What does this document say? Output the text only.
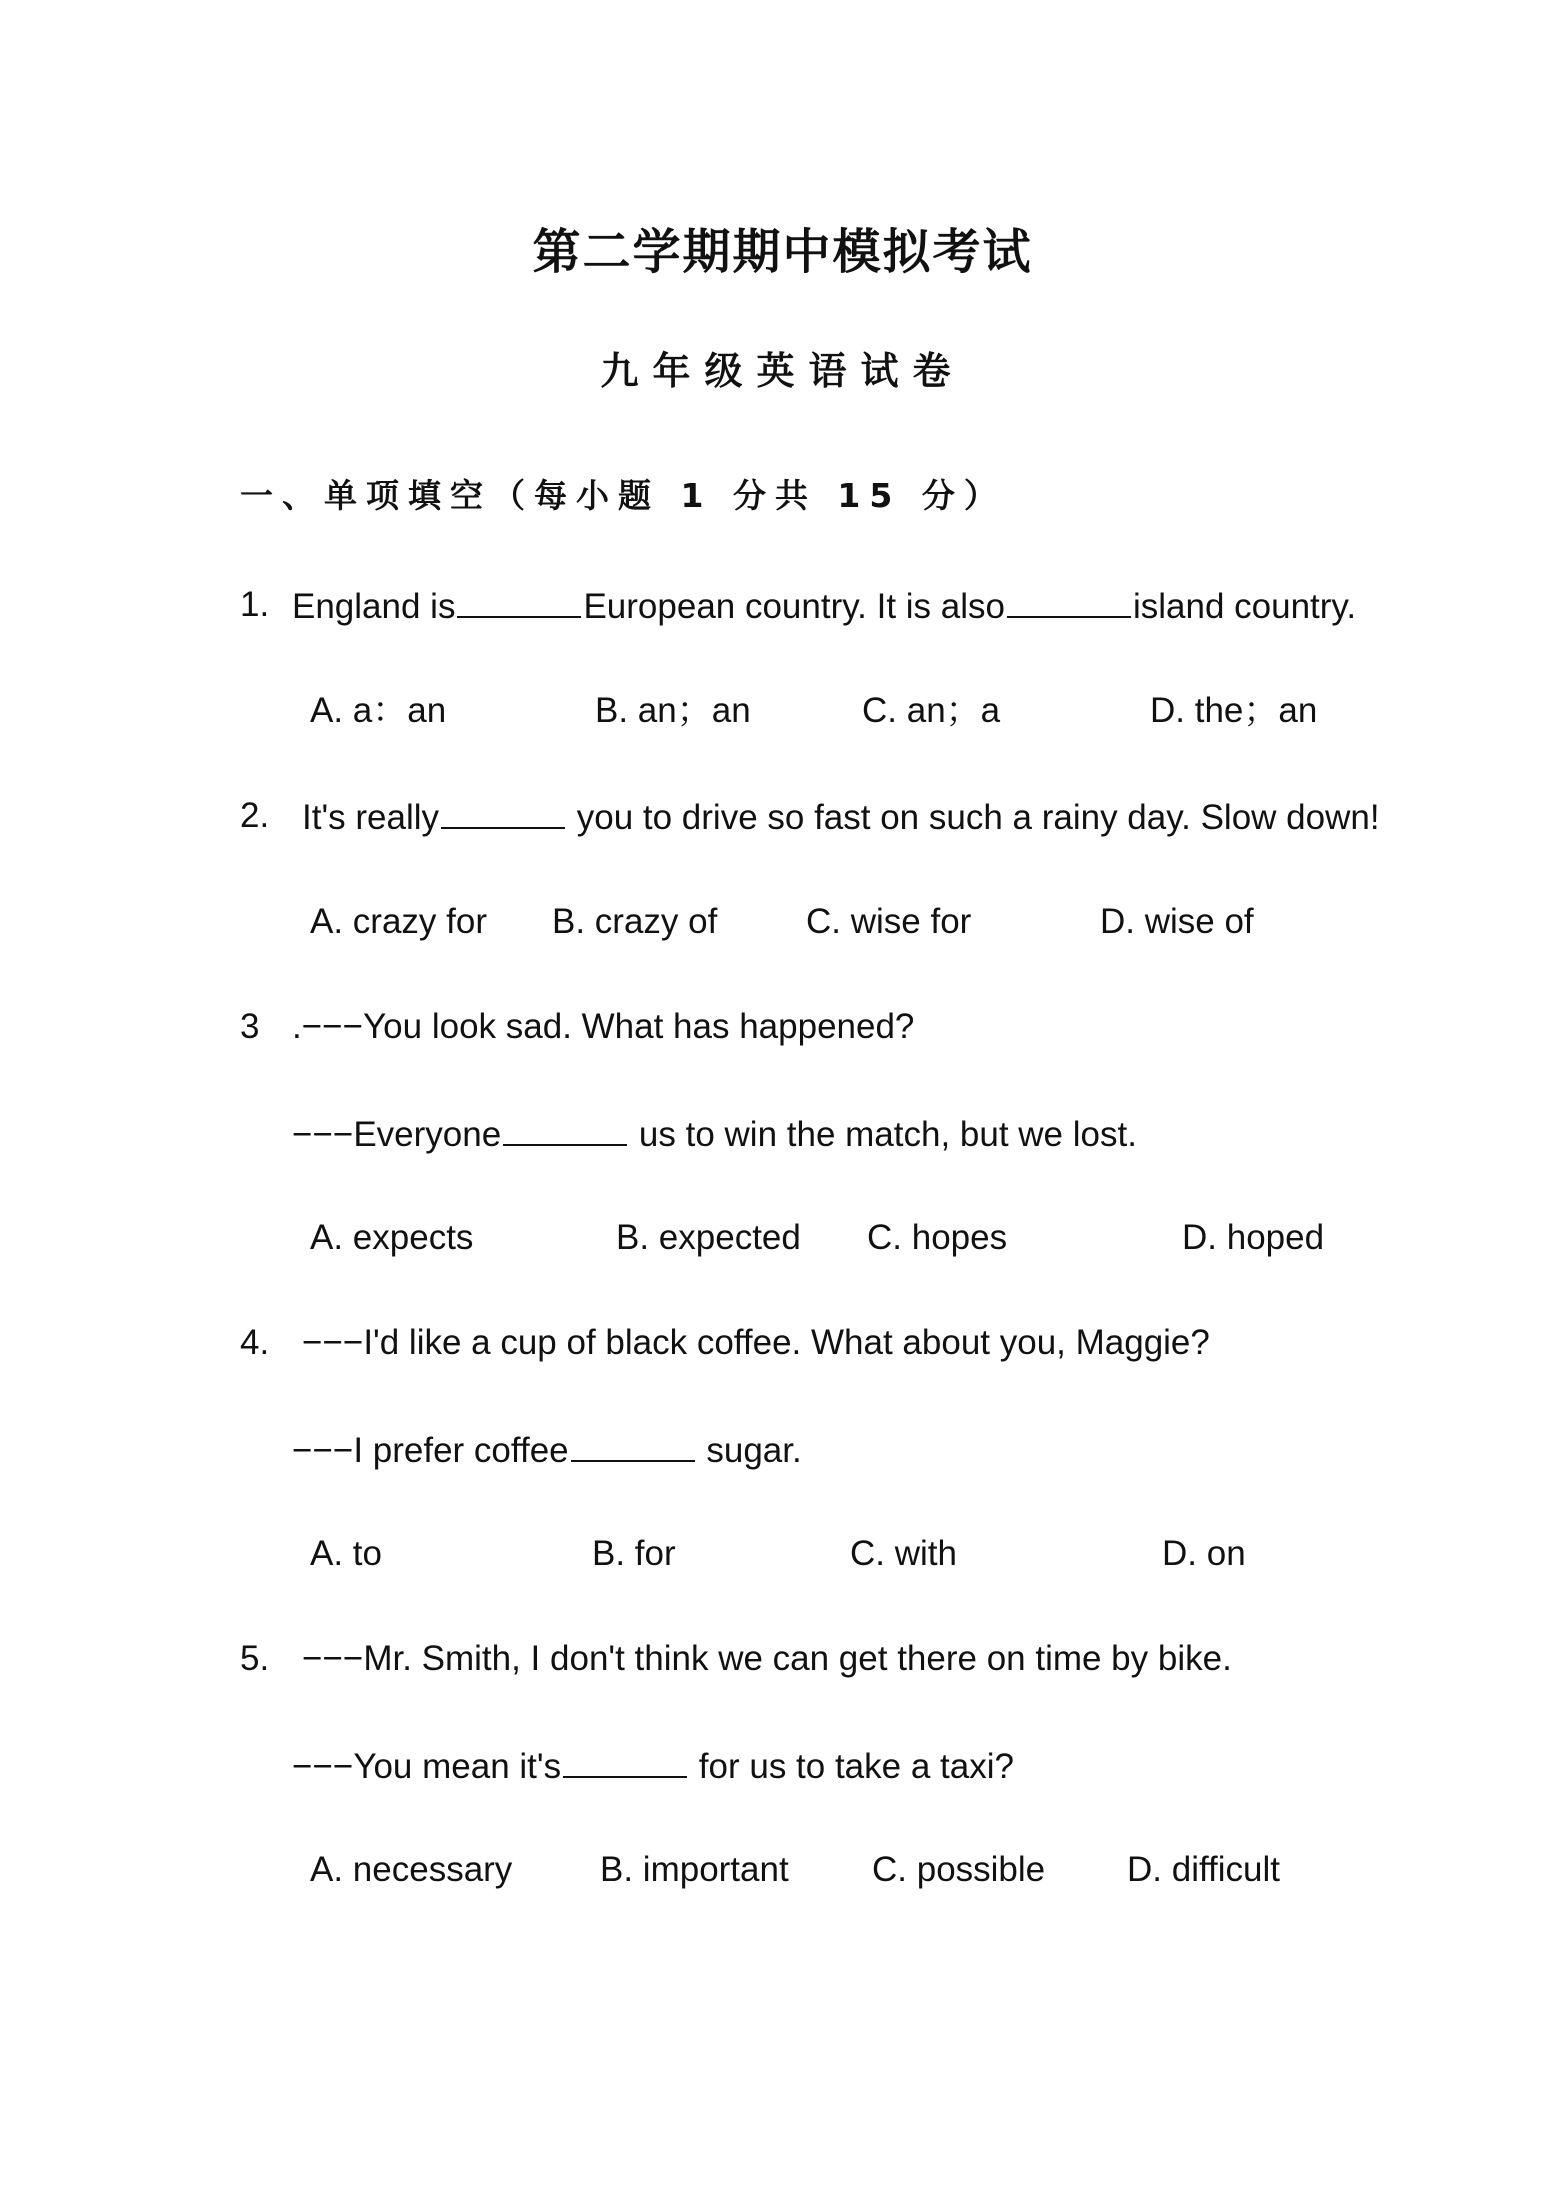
第二学期期中模拟考试
九年级英语试卷
一、单项填空（每小题 1 分共 15 分）
1. England is	European country. It is also	island country.
A. a：an	B. an；an	C. an；a	D. the；an
2. It's really	you to drive so fast on such a rainy day. Slow down!
A. crazy for B. crazy of	C. wise for	D. wise of
3 .−−−You look sad. What has happened?
−−−Everyone	us to win the match, but we lost.
A. expects	B. expected C. hopes	D. hoped
4. −−−I'd like a cup of black coffee. What about you, Maggie?
−−−I prefer coffee	sugar.
A. to	B. for	C. with	D. on
5. −−−Mr. Smith, I don't think we can get there on time by bike.
−−−You mean it's	for us to take a taxi?
A. necessary	B. important C. possible D. difficult
